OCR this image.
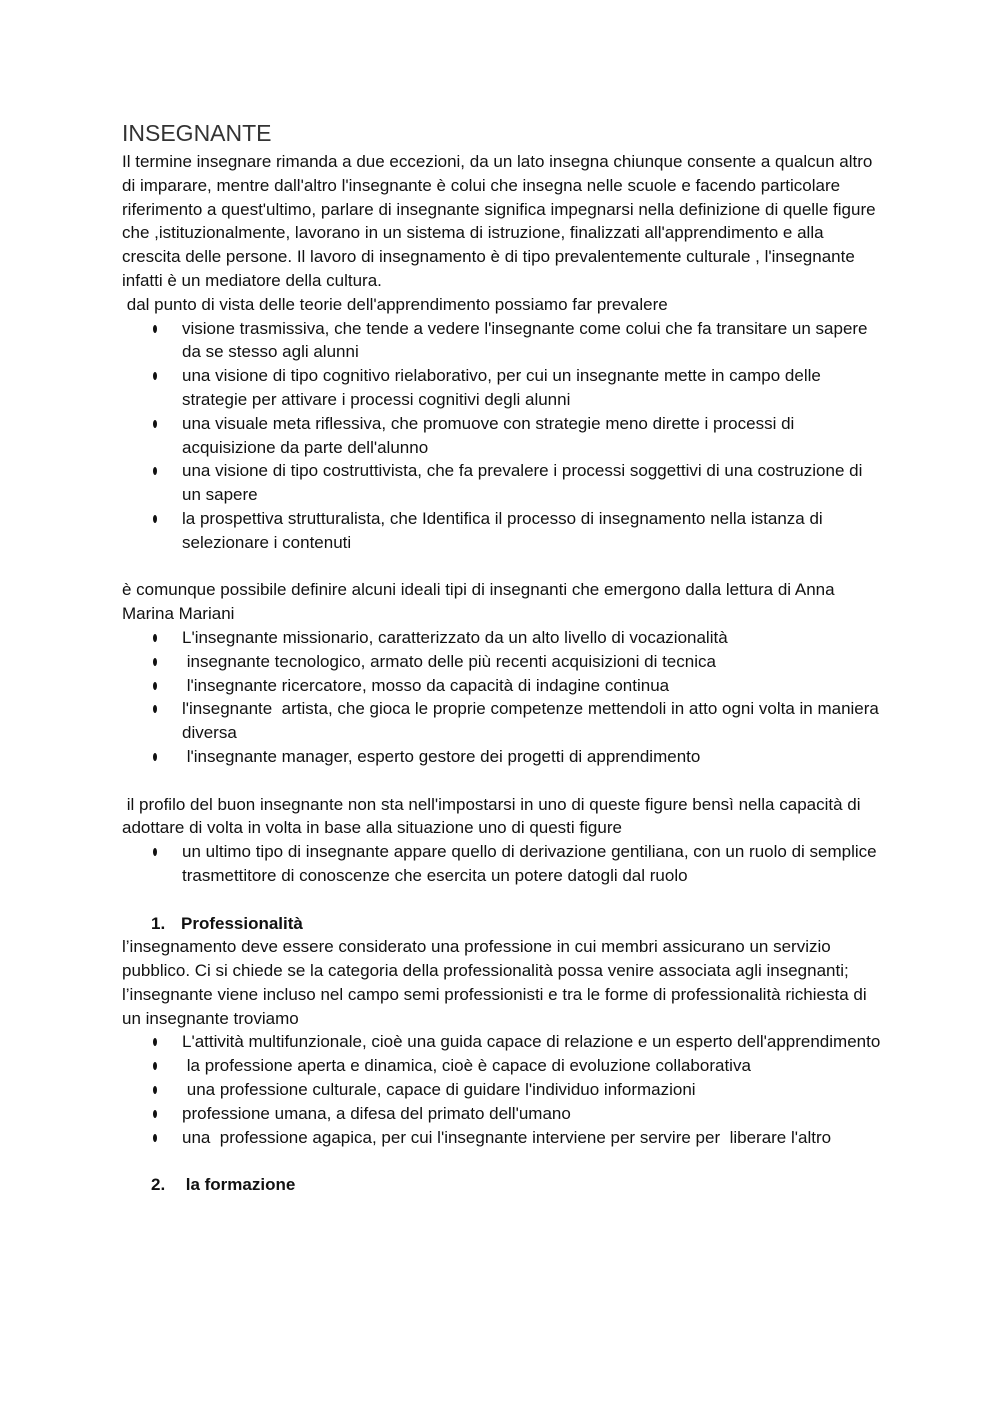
INSEGNANTE

Il termine insegnare rimanda a due eccezioni, da un lato insegna chiunque consente a qualcun altro di imparare, mentre dall'altro l'insegnante è colui che insegna nelle scuole e facendo particolare riferimento a quest'ultimo, parlare di insegnante significa impegnarsi nella definizione di quelle figure che ,istituzionalmente, lavorano in un sistema di istruzione, finalizzati all'apprendimento e alla crescita delle persone. Il lavoro di insegnamento è di tipo prevalentemente culturale , l'insegnante infatti è un mediatore della cultura.

dal punto di vista delle teorie dell'apprendimento possiamo far prevalere

visione trasmissiva, che tende a vedere l'insegnante come colui che fa transitare un sapere da se stesso agli alunni
una visione di tipo cognitivo rielaborativo, per cui un insegnante mette in campo delle strategie per attivare i processi cognitivi degli alunni
una visuale meta riflessiva, che promuove con strategie meno dirette i processi di acquisizione da parte dell'alunno
una visione di tipo costruttivista, che fa prevalere i processi soggettivi di una costruzione di un sapere
la prospettiva strutturalista, che Identifica il processo di insegnamento nella istanza di selezionare i contenuti

è comunque possibile definire alcuni ideali tipi di insegnanti che emergono dalla lettura di Anna Marina Mariani

L'insegnante missionario, caratterizzato da un alto livello di vocazionalità
insegnante tecnologico, armato delle più recenti acquisizioni di tecnica
l'insegnante ricercatore, mosso da capacità di indagine continua
l'insegnante  artista, che gioca le proprie competenze mettendoli in atto ogni volta in maniera diversa
l'insegnante manager, esperto gestore dei progetti di apprendimento

il profilo del buon insegnante non sta nell'impostarsi in uno di queste figure bensì nella capacità di adottare di volta in volta in base alla situazione uno di questi figure

un ultimo tipo di insegnante appare quello di derivazione gentiliana, con un ruolo di semplice trasmettitore di conoscenze che esercita un potere datogli dal ruolo
1. Professionalità

l’insegnamento deve essere considerato una professione in cui membri assicurano un servizio pubblico. Ci si chiede se la categoria della professionalità possa venire associata agli insegnanti; l’insegnante viene incluso nel campo semi professionisti e tra le forme di professionalità richiesta di un insegnante troviamo

L'attività multifunzionale, cioè una guida capace di relazione e un esperto dell'apprendimento
la professione aperta e dinamica, cioè è capace di evoluzione collaborativa
una professione culturale, capace di guidare l'individuo informazioni
professione umana, a difesa del primato dell'umano
una  professione agapica, per cui l'insegnante interviene per servire per  liberare l'altro
2. la formazione
